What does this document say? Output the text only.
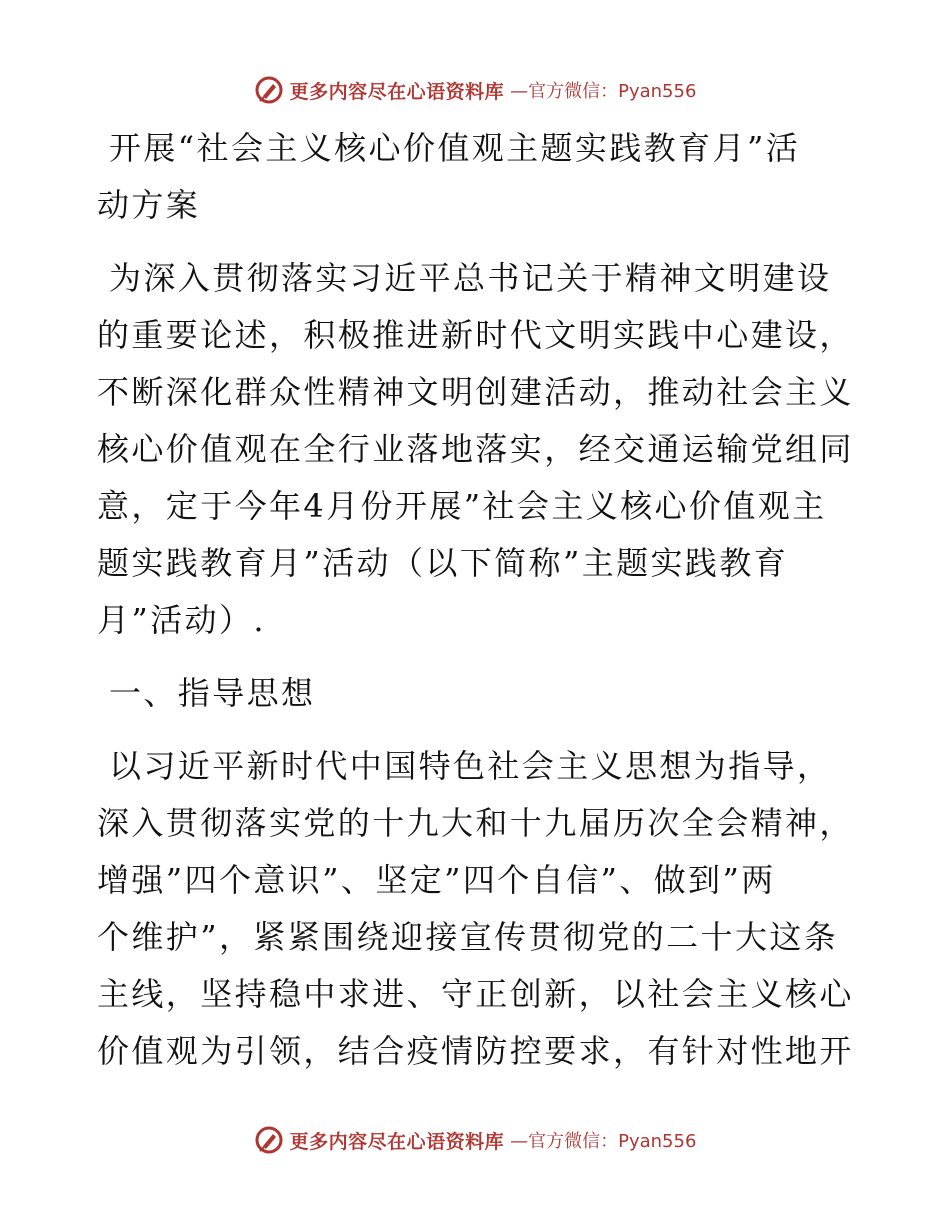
更多内容尽在心语资料库 —官方微信：Pyan556
开展“社会主义核心价值观主题实践教育月”活
动方案
为深入贯彻落实习近平总书记关于精神文明建设
的重要论述，积极推进新时代文明实践中心建设，
不断深化群众性精神文明创建活动，推动社会主义
核心价值观在全行业落地落实，经交通运输党组同
意，定于今年4月份开展”社会主义核心价值观主
题实践教育月”活动（以下简称”主题实践教育
月”活动）.
一、指导思想
以习近平新时代中国特色社会主义思想为指导，
深入贯彻落实党的十九大和十九届历次全会精神，
增强”四个意识”、坚定”四个自信”、做到”两
个维护”，紧紧围绕迎接宣传贯彻党的二十大这条
主线，坚持稳中求进、守正创新，以社会主义核心
价值观为引领，结合疫情防控要求，有针对性地开
更多内容尽在心语资料库 —官方微信：Pyan556
